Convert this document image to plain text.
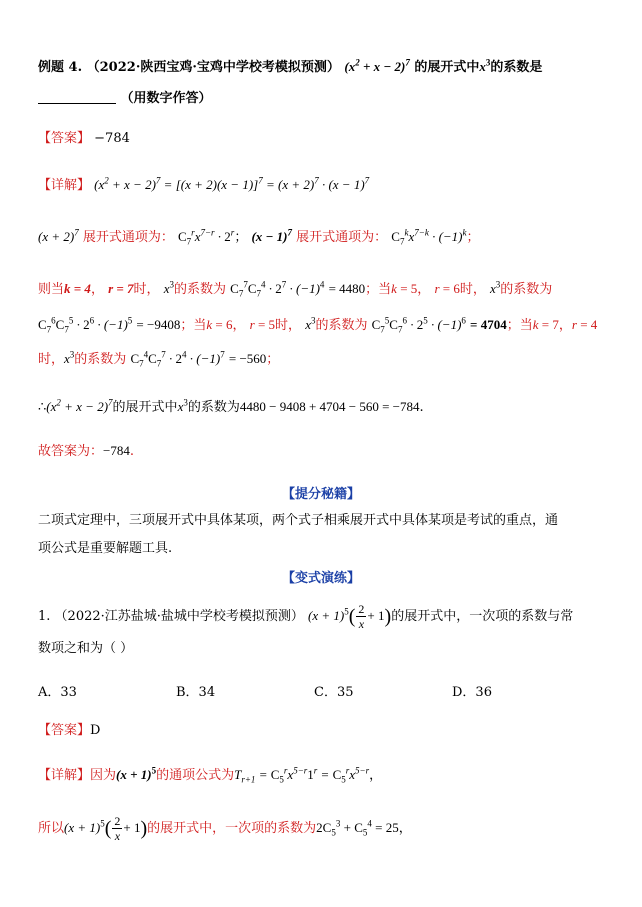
例题 4. （2022·陕西宝鸡·宝鸡中学校考模拟预测） $(x^2 + x - 2)^7$ 的展开式中$x^3$的系数是
（用数字作答）
【答案】 −784
【详解】 $(x^2 + x - 2)^7 = [(x + 2)(x - 1)]^7 = (x + 2)^7 \cdot (x - 1)^7$
$(x + 2)^7$ 展开式通项为： $C_7^rx^{7-r} \cdot 2^r$； $(x - 1)^7$ 展开式通项为： $C_7^kx^{7-k} \cdot (-1)^k$；
则当k = 4， r = 7时， $x^3$的系数为 $C_7^7C_7^4 \cdot 2^7 \cdot (-1)^4 = 4480$；当k = 5， r = 6时， $x^3$的系数为
$C_7^6C_7^5 \cdot 2^6 \cdot (-1)^5 = -9408$；当k = 6， r = 5时， $x^3$的系数为 $C_7^5C_7^6 \cdot 2^5 \cdot (-1)^6 = 4704$；当k = 7，r = 4
时，$x^3$的系数为 $C_7^4C_7^7 \cdot 2^4 \cdot (-1)^7 = -560$；
$\therefore(x^2 + x - 2)^7$的展开式中$x^3$的系数为4480 − 9408 + 4704 − 560 = −784.
故答案为：−784.
【提分秘籍】
二项式定理中，三项展开式中具体某项，两个式子相乘展开式中具体某项是考试的重点，通
项公式是重要解题工具.
【变式演练】
1. （2022·江苏盐城·盐城中学校考模拟预测） $(x + 1)^5( \frac{2}{x} + 1)$的展开式中，一次项的系数与常
数项之和为（ ）
A．33	B．34	C．35	D．36
【答案】D
【详解】因为$(x + 1)^5$的通项公式为$T_{r+1} = C_5^rx^{5-r}1^r = C_5^rx^{5-r}$，
所以$(x + 1)^5( \frac{2}{x} + 1)$的展开式中，一次项的系数为$2C_5^3 + C_5^4 = 25$，
